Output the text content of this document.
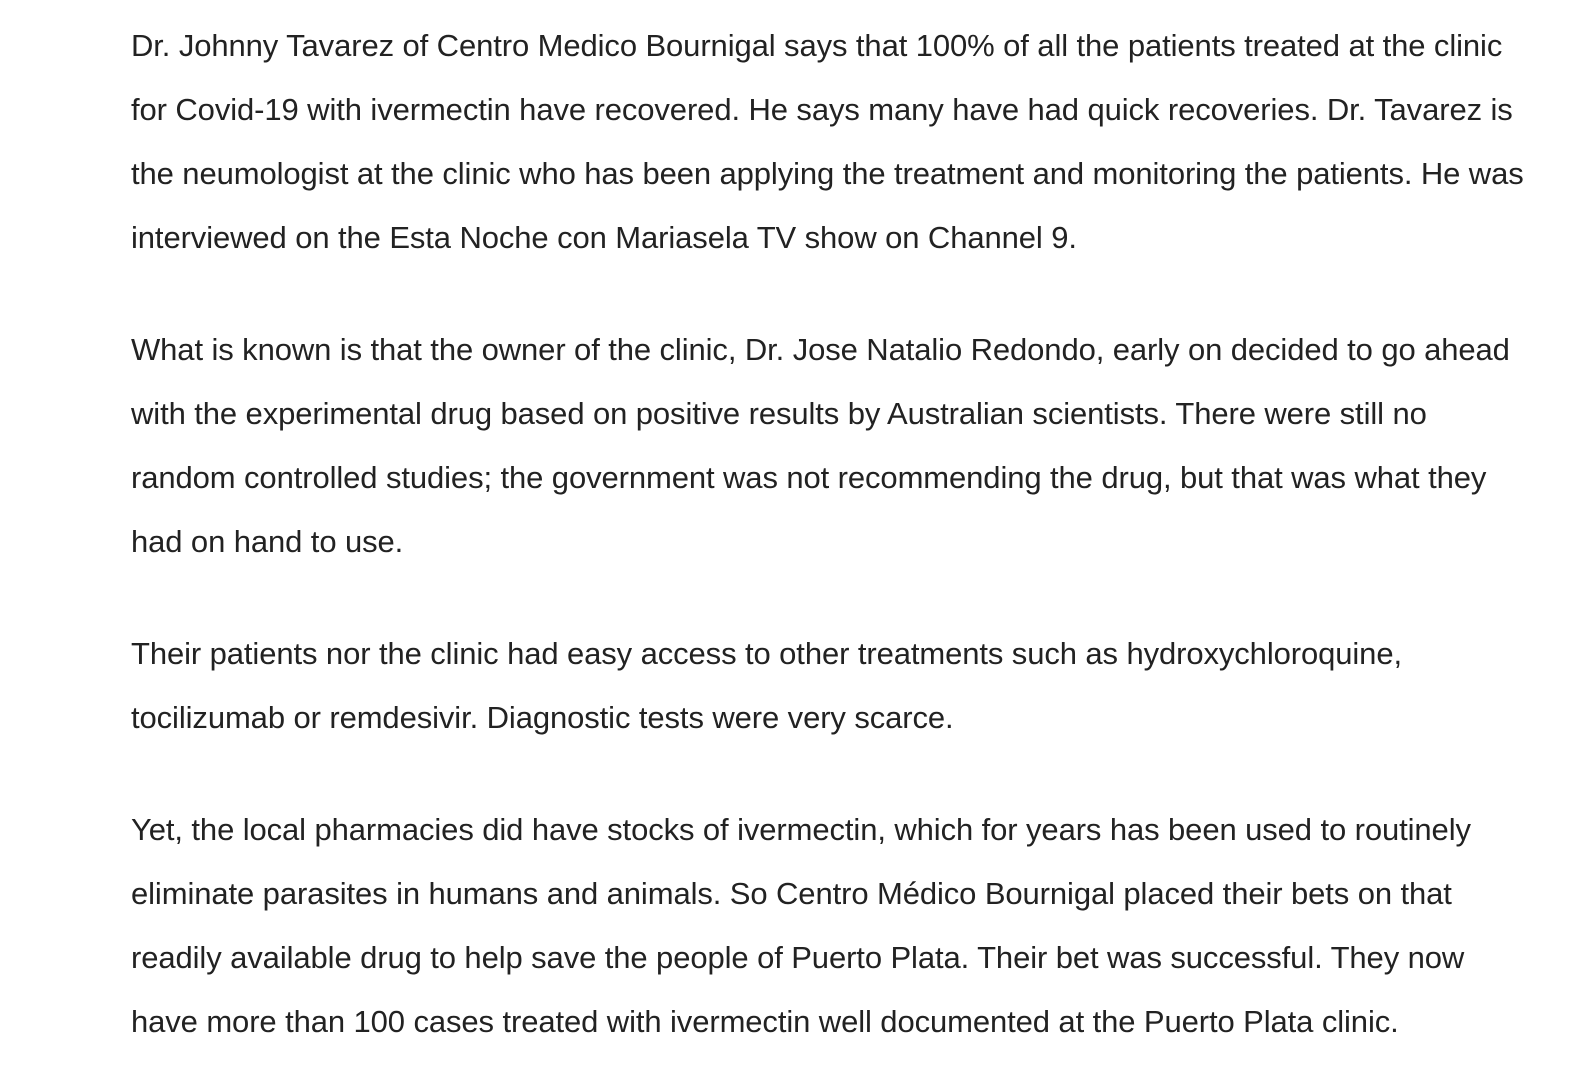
Dr. Johnny Tavarez of Centro Medico Bournigal says that 100% of all the patients treated at the clinic for Covid-19 with ivermectin have recovered. He says many have had quick recoveries. Dr. Tavarez is the neumologist at the clinic who has been applying the treatment and monitoring the patients. He was interviewed on the Esta Noche con Mariasela TV show on Channel 9.

What is known is that the owner of the clinic, Dr. Jose Natalio Redondo, early on decided to go ahead with the experimental drug based on positive results by Australian scientists. There were still no random controlled studies; the government was not recommending the drug, but that was what they had on hand to use.

Their patients nor the clinic had easy access to other treatments such as hydroxychloroquine, tocilizumab or remdesivir. Diagnostic tests were very scarce.

Yet, the local pharmacies did have stocks of ivermectin, which for years has been used to routinely eliminate parasites in humans and animals. So Centro Médico Bournigal placed their bets on that readily available drug to help save the people of Puerto Plata. Their bet was successful. They now have more than 100 cases treated with ivermectin well documented at the Puerto Plata clinic.
